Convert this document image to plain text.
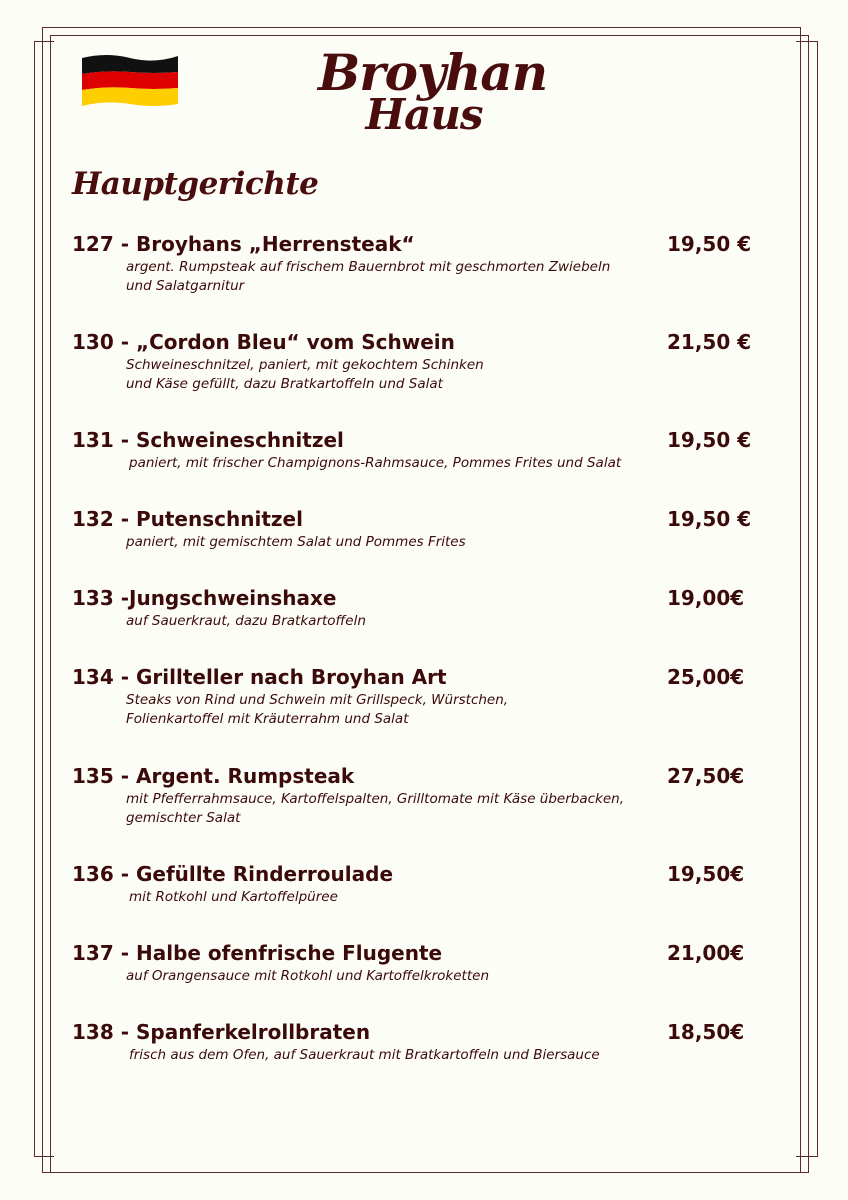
Broyhan
Haus
Hauptgerichte
127 - Broyhans „Herrensteak“	19,50 €
argent. Rumpsteak auf frischem Bauernbrot mit geschmorten Zwiebeln
und Salatgarnitur
130 - „Cordon Bleu“ vom Schwein	21,50 €
Schweineschnitzel, paniert, mit gekochtem Schinken
und Käse gefüllt, dazu Bratkartoffeln und Salat
131 - Schweineschnitzel	19,50 €
paniert, mit frischer Champignons-Rahmsauce, Pommes Frites und Salat
132 - Putenschnitzel	19,50 €
paniert, mit gemischtem Salat und Pommes Frites
133 -Jungschweinshaxe	19,00€
auf Sauerkraut, dazu Bratkartoffeln
134 - Grillteller nach Broyhan Art	25,00€
Steaks von Rind und Schwein mit Grillspeck, Würstchen,
Folienkartoffel mit Kräuterrahm und Salat
135 - Argent. Rumpsteak	27,50€
mit Pfefferrahmsauce, Kartoffelspalten, Grilltomate mit Käse überbacken,
gemischter Salat
136 - Gefüllte Rinderroulade	19,50€
mit Rotkohl und Kartoffelpüree
137 - Halbe ofenfrische Flugente	21,00€
auf Orangensauce mit Rotkohl und Kartoffelkroketten
138 - Spanferkelrollbraten	18,50€
frisch aus dem Ofen, auf Sauerkraut mit Bratkartoffeln und Biersauce
